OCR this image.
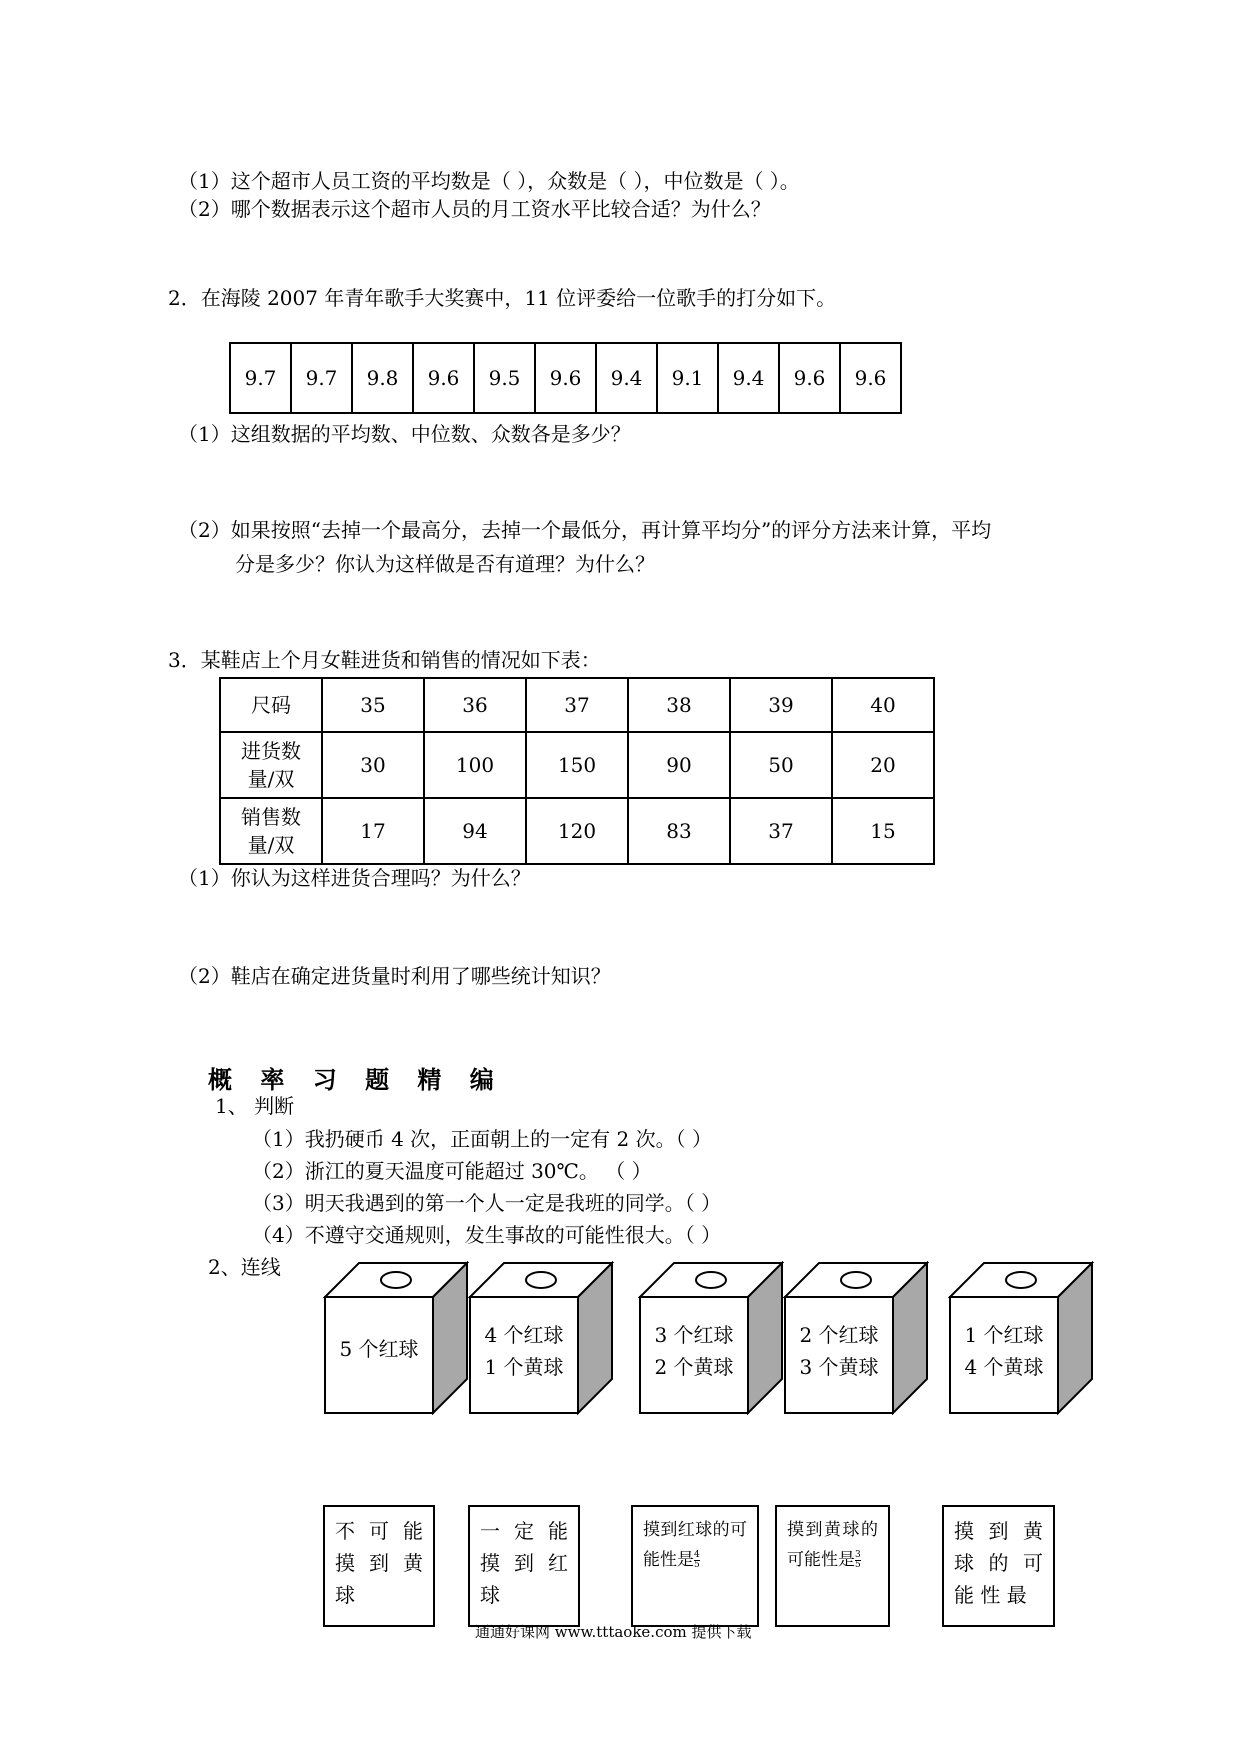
（1）这个超市人员工资的平均数是（ ），众数是（ ），中位数是（ ）。
（2）哪个数据表示这个超市人员的月工资水平比较合适？为什么？
2．在海陵 2007 年青年歌手大奖赛中，11 位评委给一位歌手的打分如下。
9.7	9.7	9.8	9.6	9.5	9.6	9.4	9.1	9.4	9.6	9.6
（1）这组数据的平均数、中位数、众数各是多少？
（2）如果按照“去掉一个最高分，去掉一个最低分，再计算平均分”的评分方法来计算，平均
分是多少？你认为这样做是否有道理？为什么？
3．某鞋店上个月女鞋进货和销售的情况如下表：
尺码	35	36	37	38	39	40
进货数
量/双	30	100	150	90	50	20
销售数
量/双	17	94	120	83	37	15
（1）你认为这样进货合理吗？为什么？
（2）鞋店在确定进货量时利用了哪些统计知识？
概 率 习 题 精 编
1、 判断
（1）我扔硬币 4 次，正面朝上的一定有 2 次。（ ）
（2）浙江的夏天温度可能超过 30℃。 （ ）
（3）明天我遇到的第一个人一定是我班的同学。（ ）
（4）不遵守交通规则，发生事故的可能性很大。（ ）
2、连线
5 个红球
4 个红球
1 个黄球
3 个红球
2 个黄球
2 个红球
3 个黄球
1 个红球
4 个黄球
不 可 能 摸 到 黄 球
一 定 能 摸 到 红 球
摸到红球的可能性是 $\frac{4}{5}$
摸到黄球的可能性是 $\frac{3}{5}$
摸 到 黄 球 的 可 能 性 最
通通好课网 www.tttaoke.com 提供下载
